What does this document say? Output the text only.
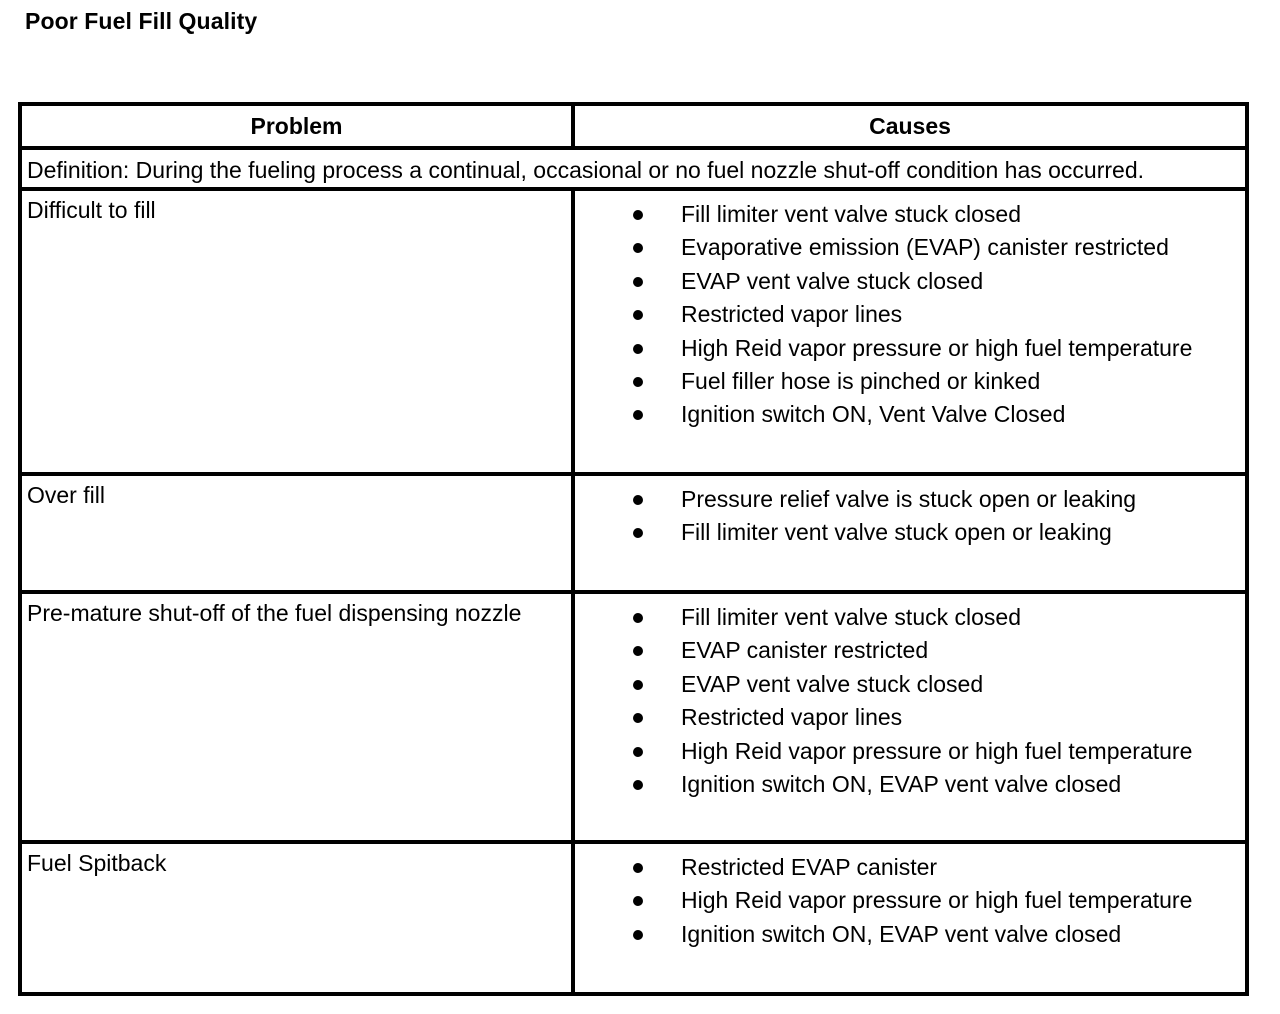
Poor Fuel Fill Quality
Problem	Causes
Definition: During the fueling process a continual, occasional or no fuel nozzle shut-off condition has occurred.
Difficult to fill	Fill limiter vent valve stuck closed
Evaporative emission (EVAP) canister restricted
EVAP vent valve stuck closed
Restricted vapor lines
High Reid vapor pressure or high fuel temperature
Fuel filler hose is pinched or kinked
Ignition switch ON, Vent Valve Closed
Over fill	Pressure relief valve is stuck open or leaking
Fill limiter vent valve stuck open or leaking
Pre-mature shut-off of the fuel dispensing nozzle	Fill limiter vent valve stuck closed
EVAP canister restricted
EVAP vent valve stuck closed
Restricted vapor lines
High Reid vapor pressure or high fuel temperature
Ignition switch ON, EVAP vent valve closed
Fuel Spitback	Restricted EVAP canister
High Reid vapor pressure or high fuel temperature
Ignition switch ON, EVAP vent valve closed
